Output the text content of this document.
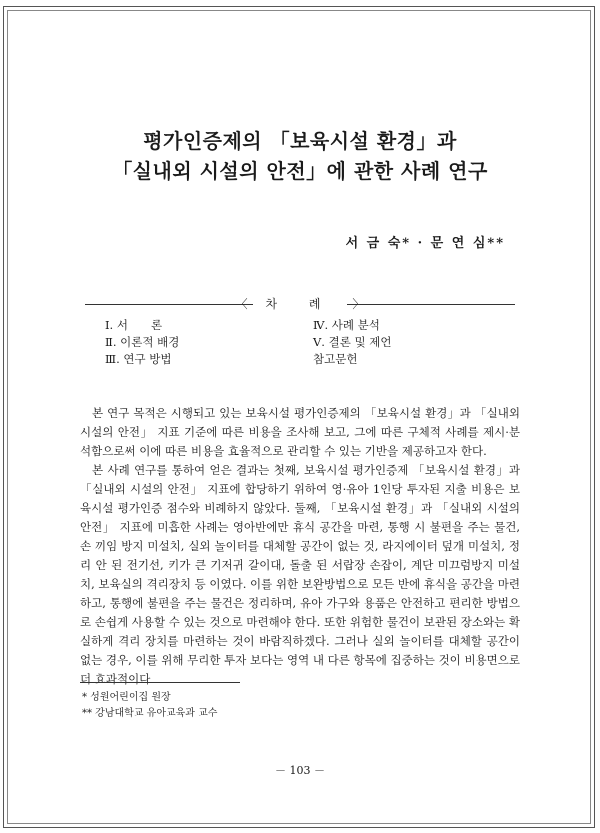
평가인증제의 「보육시설 환경」과
「실내외 시설의 안전」에 관한 사례 연구
서 금 숙* · 문 연 심**
〈 차 례 〉
Ⅰ. 서　　론
Ⅱ. 이론적 배경
Ⅲ. 연구 방법
Ⅳ. 사례 분석
Ⅴ. 결론 및 제언
참고문헌

본 연구 목적은 시행되고 있는 보육시설 평가인증제의 「보육시설 환경」과 「실내외 시설의 안전」 지표 기준에 따른 비용을 조사해 보고, 그에 따른 구체적 사례를 제시·분석함으로써 이에 따른 비용을 효율적으로 관리할 수 있는 기반을 제공하고자 한다.

본 사례 연구를 통하여 얻은 결과는 첫째, 보육시설 평가인증제 「보육시설 환경」과 「실내외 시설의 안전」 지표에 합당하기 위하여 영·유아 1인당 투자된 지출 비용은 보육시설 평가인증 점수와 비례하지 않았다. 둘째, 「보육시설 환경」과 「실내외 시설의 안전」 지표에 미흡한 사례는 영아반에만 휴식 공간을 마련, 통행 시 불편을 주는 물건, 손 끼임 방지 미설치, 실외 놀이터를 대체할 공간이 없는 것, 라지에이터 덮개 미설치, 정리 안 된 전기선, 키가 큰 기저귀 갈이대, 돌출 된 서랍장 손잡이, 계단 미끄럼방지 미설치, 보육실의 격리장치 등 이였다. 이를 위한 보완방법으로 모든 반에 휴식을 공간을 마련하고, 통행에 불편을 주는 물건은 정리하며, 유아 가구와 용품은 안전하고 편리한 방법으로 손쉽게 사용할 수 있는 것으로 마련해야 한다. 또한 위험한 물건이 보관된 장소와는 확실하게 격리 장치를 마련하는 것이 바람직하겠다. 그러나 실외 놀이터를 대체할 공간이 없는 경우, 이를 위해 무리한 투자 보다는 영역 내 다른 항목에 집중하는 것이 비용면으로 더 효과적이다

* 성원어린이집 원장
** 강남대학교 유아교육과 교수
－ 103 －
